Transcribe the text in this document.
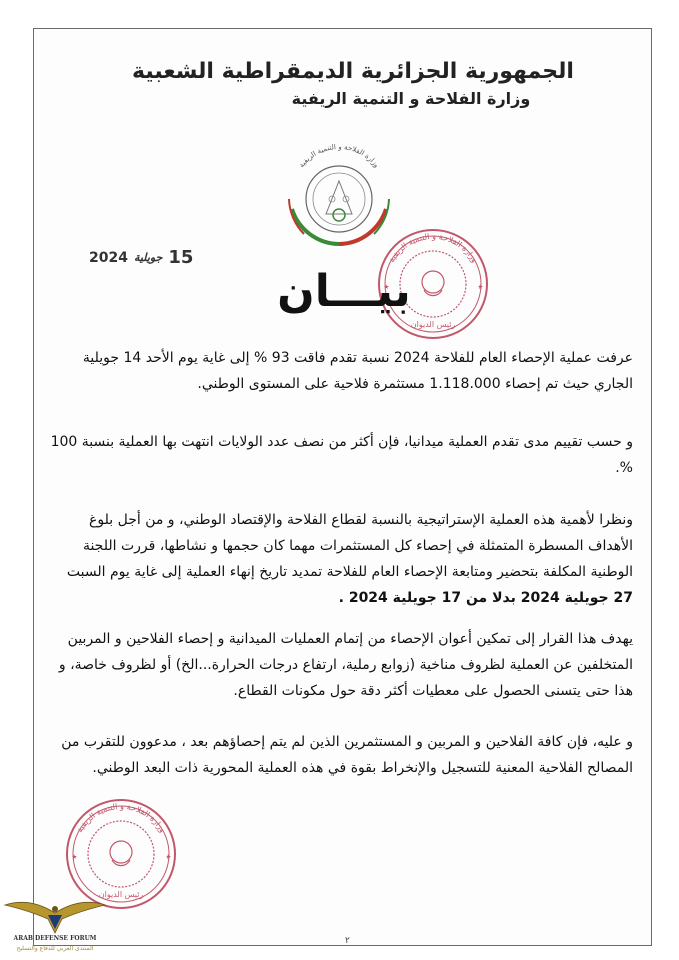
الجمهورية الجزائرية الديمقراطية الشعبية
وزارة الفلاحة و التنمية الريفية
وزارة الفلاحة و التنمية الريفية
وزارة الفلاحة و التنمية الريفية
رئيس الديوان
15
جويلية
2024
بيـــان
عرفت عملية الإحصاء العام للفلاحة 2024 نسبة تقدم فاقت 93 % إلى غاية يوم الأحد 14 جويلية الجاري حيث تم إحصاء 1.118.000 مستثمرة فلاحية على المستوى الوطني.
و حسب تقييم مدى تقدم العملية ميدانيا، فإن أكثر من نصف عدد الولايات انتهت بها العملية بنسبة 100 %.
ونظرا لأهمية هذه العملية الإستراتيجية بالنسبة لقطاع الفلاحة والإقتصاد الوطني، و من أجل بلوغ الأهداف المسطرة المتمثلة في إحصاء كل المستثمرات مهما كان حجمها و نشاطها، قررت اللجنة الوطنية المكلفة بتحضير ومتابعة الإحصاء العام للفلاحة تمديد تاريخ إنهاء العملية إلى غاية يوم السبت 27 جويلية 2024 بدلا من 17 جويلية 2024 .
يهدف هذا القرار إلى تمكين أعوان الإحصاء من إتمام العمليات الميدانية و إحصاء الفلاحين و المربين المتخلفين عن العملية لظروف مناخية (زوابع رملية، ارتفاع درجات الحرارة...الخ) أو لظروف خاصة، و هذا حتى يتسنى الحصول على معطيات أكثر دقة حول مكونات القطاع.
و عليه، فإن كافة الفلاحين و المربين و المستثمرين الذين لم يتم إحصاؤهم بعد ، مدعوون للتقرب من المصالح الفلاحية المعنية للتسجيل والإنخراط بقوة في هذه العملية المحورية ذات البعد الوطني.
وزارة الفلاحة و التنمية الريفية
رئيس الديوان
٢
ARAB DEFENSE FORUM
المنتدى العربي للدفاع والتسليح
